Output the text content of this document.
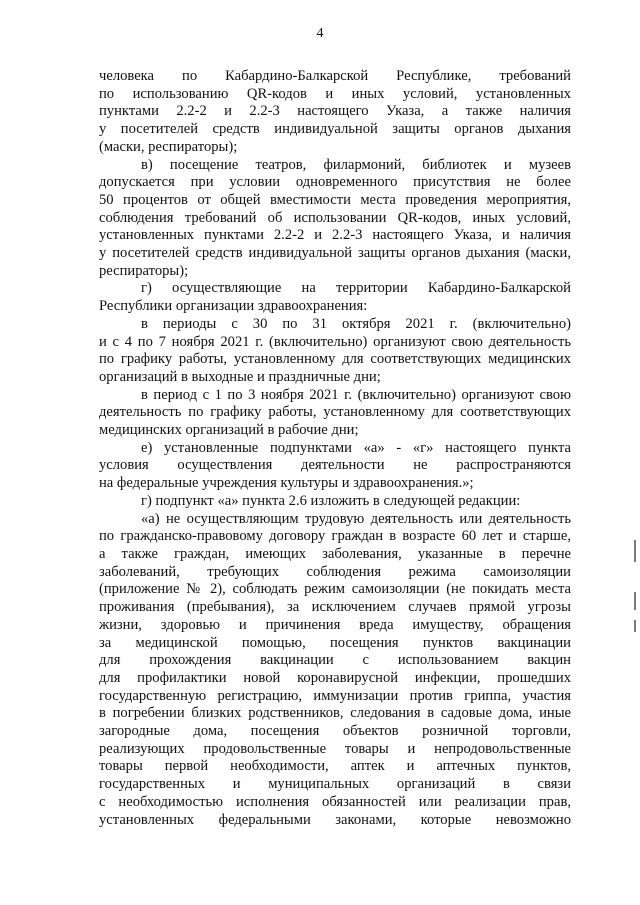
4

человека по Кабардино-Балкарской Республике, требований

по использованию QR-кодов и иных условий, установленных

пунктами 2.2-2 и 2.2-3 настоящего Указа, а также наличия

у посетителей средств индивидуальной защиты органов дыхания

(маски, респираторы);

в) посещение театров, филармоний, библиотек и музеев

допускается при условии одновременного присутствия не более

50 процентов от общей вместимости места проведения мероприятия,

соблюдения требований об использовании QR-кодов, иных условий,

установленных пунктами 2.2-2 и 2.2-3 настоящего Указа, и наличия

у посетителей средств индивидуальной защиты органов дыхания (маски,

респираторы);

г) осуществляющие на территории Кабардино-Балкарской

Республики организации здравоохранения:

в периоды с 30 по 31 октября 2021 г. (включительно)

и с 4 по 7 ноября 2021 г. (включительно) организуют свою деятельность

по графику работы, установленному для соответствующих медицинских

организаций в выходные и праздничные дни;

в период с 1 по 3 ноября 2021 г. (включительно) организуют свою

деятельность по графику работы, установленному для соответствующих

медицинских организаций в рабочие дни;

е) установленные подпунктами «а» - «г» настоящего пункта

условия осуществления деятельности не распространяются

на федеральные учреждения культуры и здравоохранения.»;

г) подпункт «а» пункта 2.6 изложить в следующей редакции:

«а) не осуществляющим трудовую деятельность или деятельность

по гражданско-правовому договору граждан в возрасте 60 лет и старше,

а также граждан, имеющих заболевания, указанные в перечне

заболеваний, требующих соблюдения режима самоизоляции

(приложение № 2), соблюдать режим самоизоляции (не покидать места

проживания (пребывания), за исключением случаев прямой угрозы

жизни, здоровью и причинения вреда имуществу, обращения

за медицинской помощью, посещения пунктов вакцинации

для прохождения вакцинации с использованием вакцин

для профилактики новой коронавирусной инфекции, прошедших

государственную регистрацию, иммунизации против гриппа, участия

в погребении близких родственников, следования в садовые дома, иные

загородные дома, посещения объектов розничной торговли,

реализующих продовольственные товары и непродовольственные

товары первой необходимости, аптек и аптечных пунктов,

государственных и муниципальных организаций в связи

с необходимостью исполнения обязанностей или реализации прав,

установленных федеральными законами, которые невозможно
